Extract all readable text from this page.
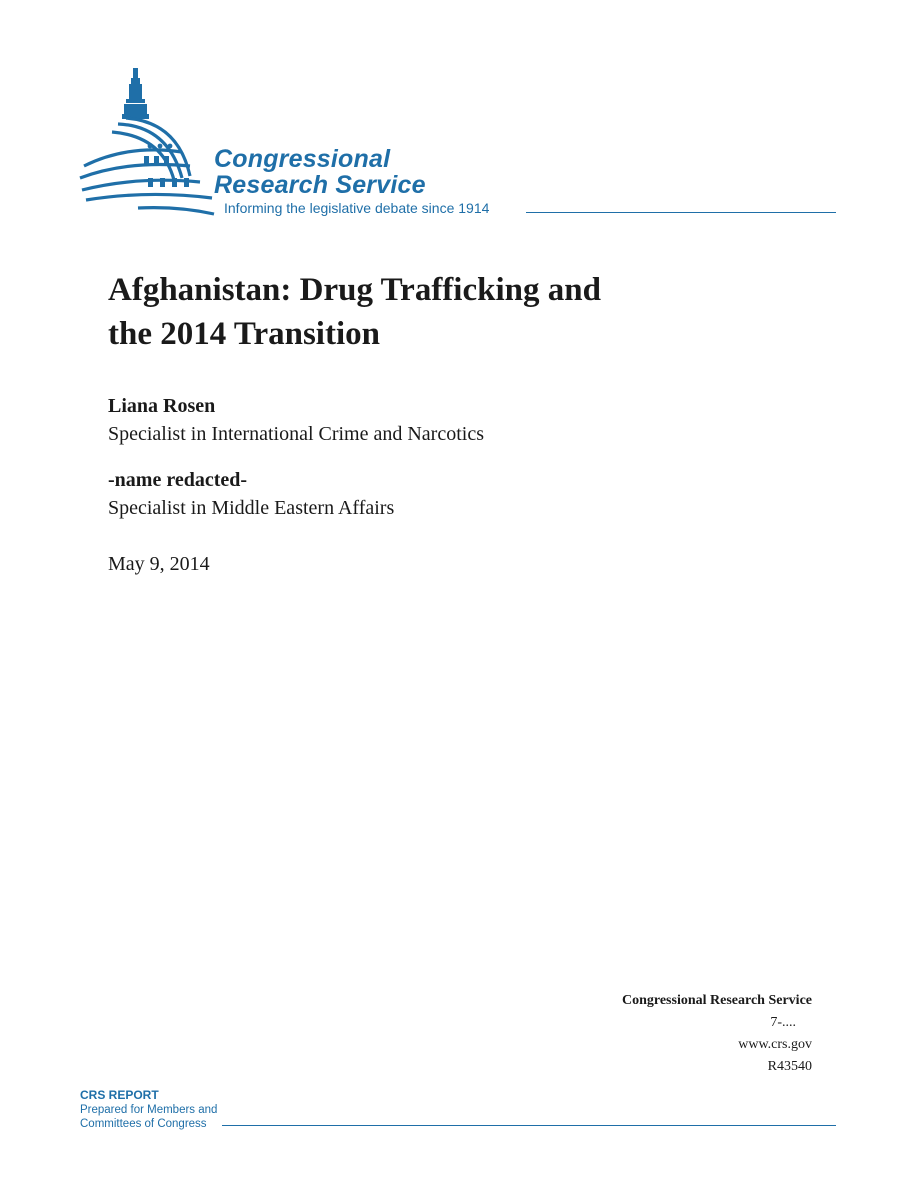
Congressional
Research Service
Informing the legislative debate since 1914
Afghanistan: Drug Trafficking and
the 2014 Transition
Liana Rosen
Specialist in International Crime and Narcotics
-name redacted-
Specialist in Middle Eastern Affairs
May 9, 2014
Congressional Research Service
7-....
www.crs.gov
R43540
CRS REPORT
Prepared for Members and
Committees of Congress
